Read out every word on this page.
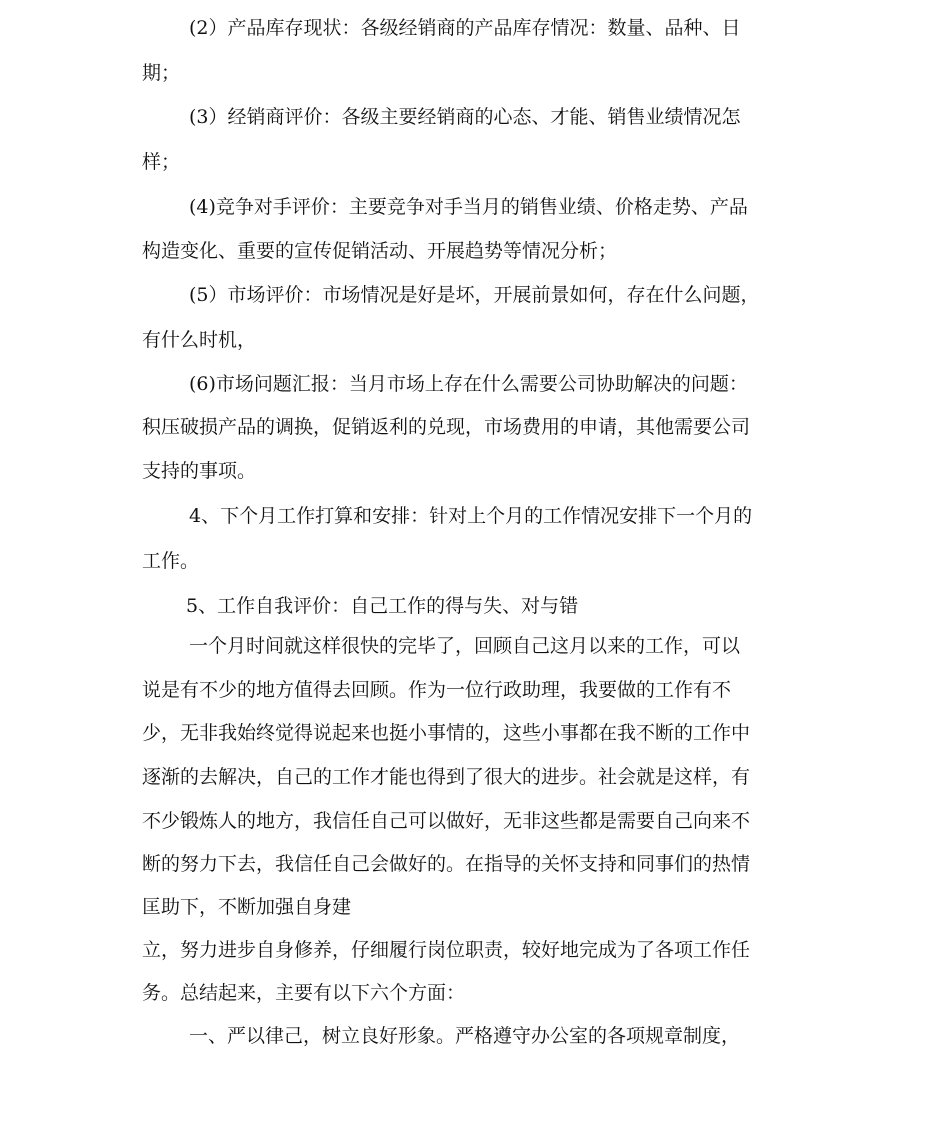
(2）产品库存现状：各级经销商的产品库存情况：数量、品种、日
期；
(3）经销商评价：各级主要经销商的心态、才能、销售业绩情况怎
样；
(4)竞争对手评价：主要竞争对手当月的销售业绩、价格走势、产品
构造变化、重要的宣传促销活动、开展趋势等情况分析；
(5）市场评价：市场情况是好是坏，开展前景如何，存在什么问题，
有什么时机，
(6)市场问题汇报：当月市场上存在什么需要公司协助解决的问题：
积压破损产品的调换，促销返利的兑现，市场费用的申请，其他需要公司
支持的事项。
4、下个月工作打算和安排：针对上个月的工作情况安排下一个月的
工作。
5、工作自我评价：自己工作的得与失、对与错
一个月时间就这样很快的完毕了，回顾自己这月以来的工作，可以
说是有不少的地方值得去回顾。作为一位行政助理，我要做的工作有不
少，无非我始终觉得说起来也挺小事情的，这些小事都在我不断的工作中
逐渐的去解决，自己的工作才能也得到了很大的进步。社会就是这样，有
不少锻炼人的地方，我信任自己可以做好，无非这些都是需要自己向来不
断的努力下去，我信任自己会做好的。在指导的关怀支持和同事们的热情
匡助下，不断加强自身建
立，努力进步自身修养，仔细履行岗位职责，较好地完成为了各项工作任
务。总结起来，主要有以下六个方面：
一、严以律己，树立良好形象。严格遵守办公室的各项规章制度，
